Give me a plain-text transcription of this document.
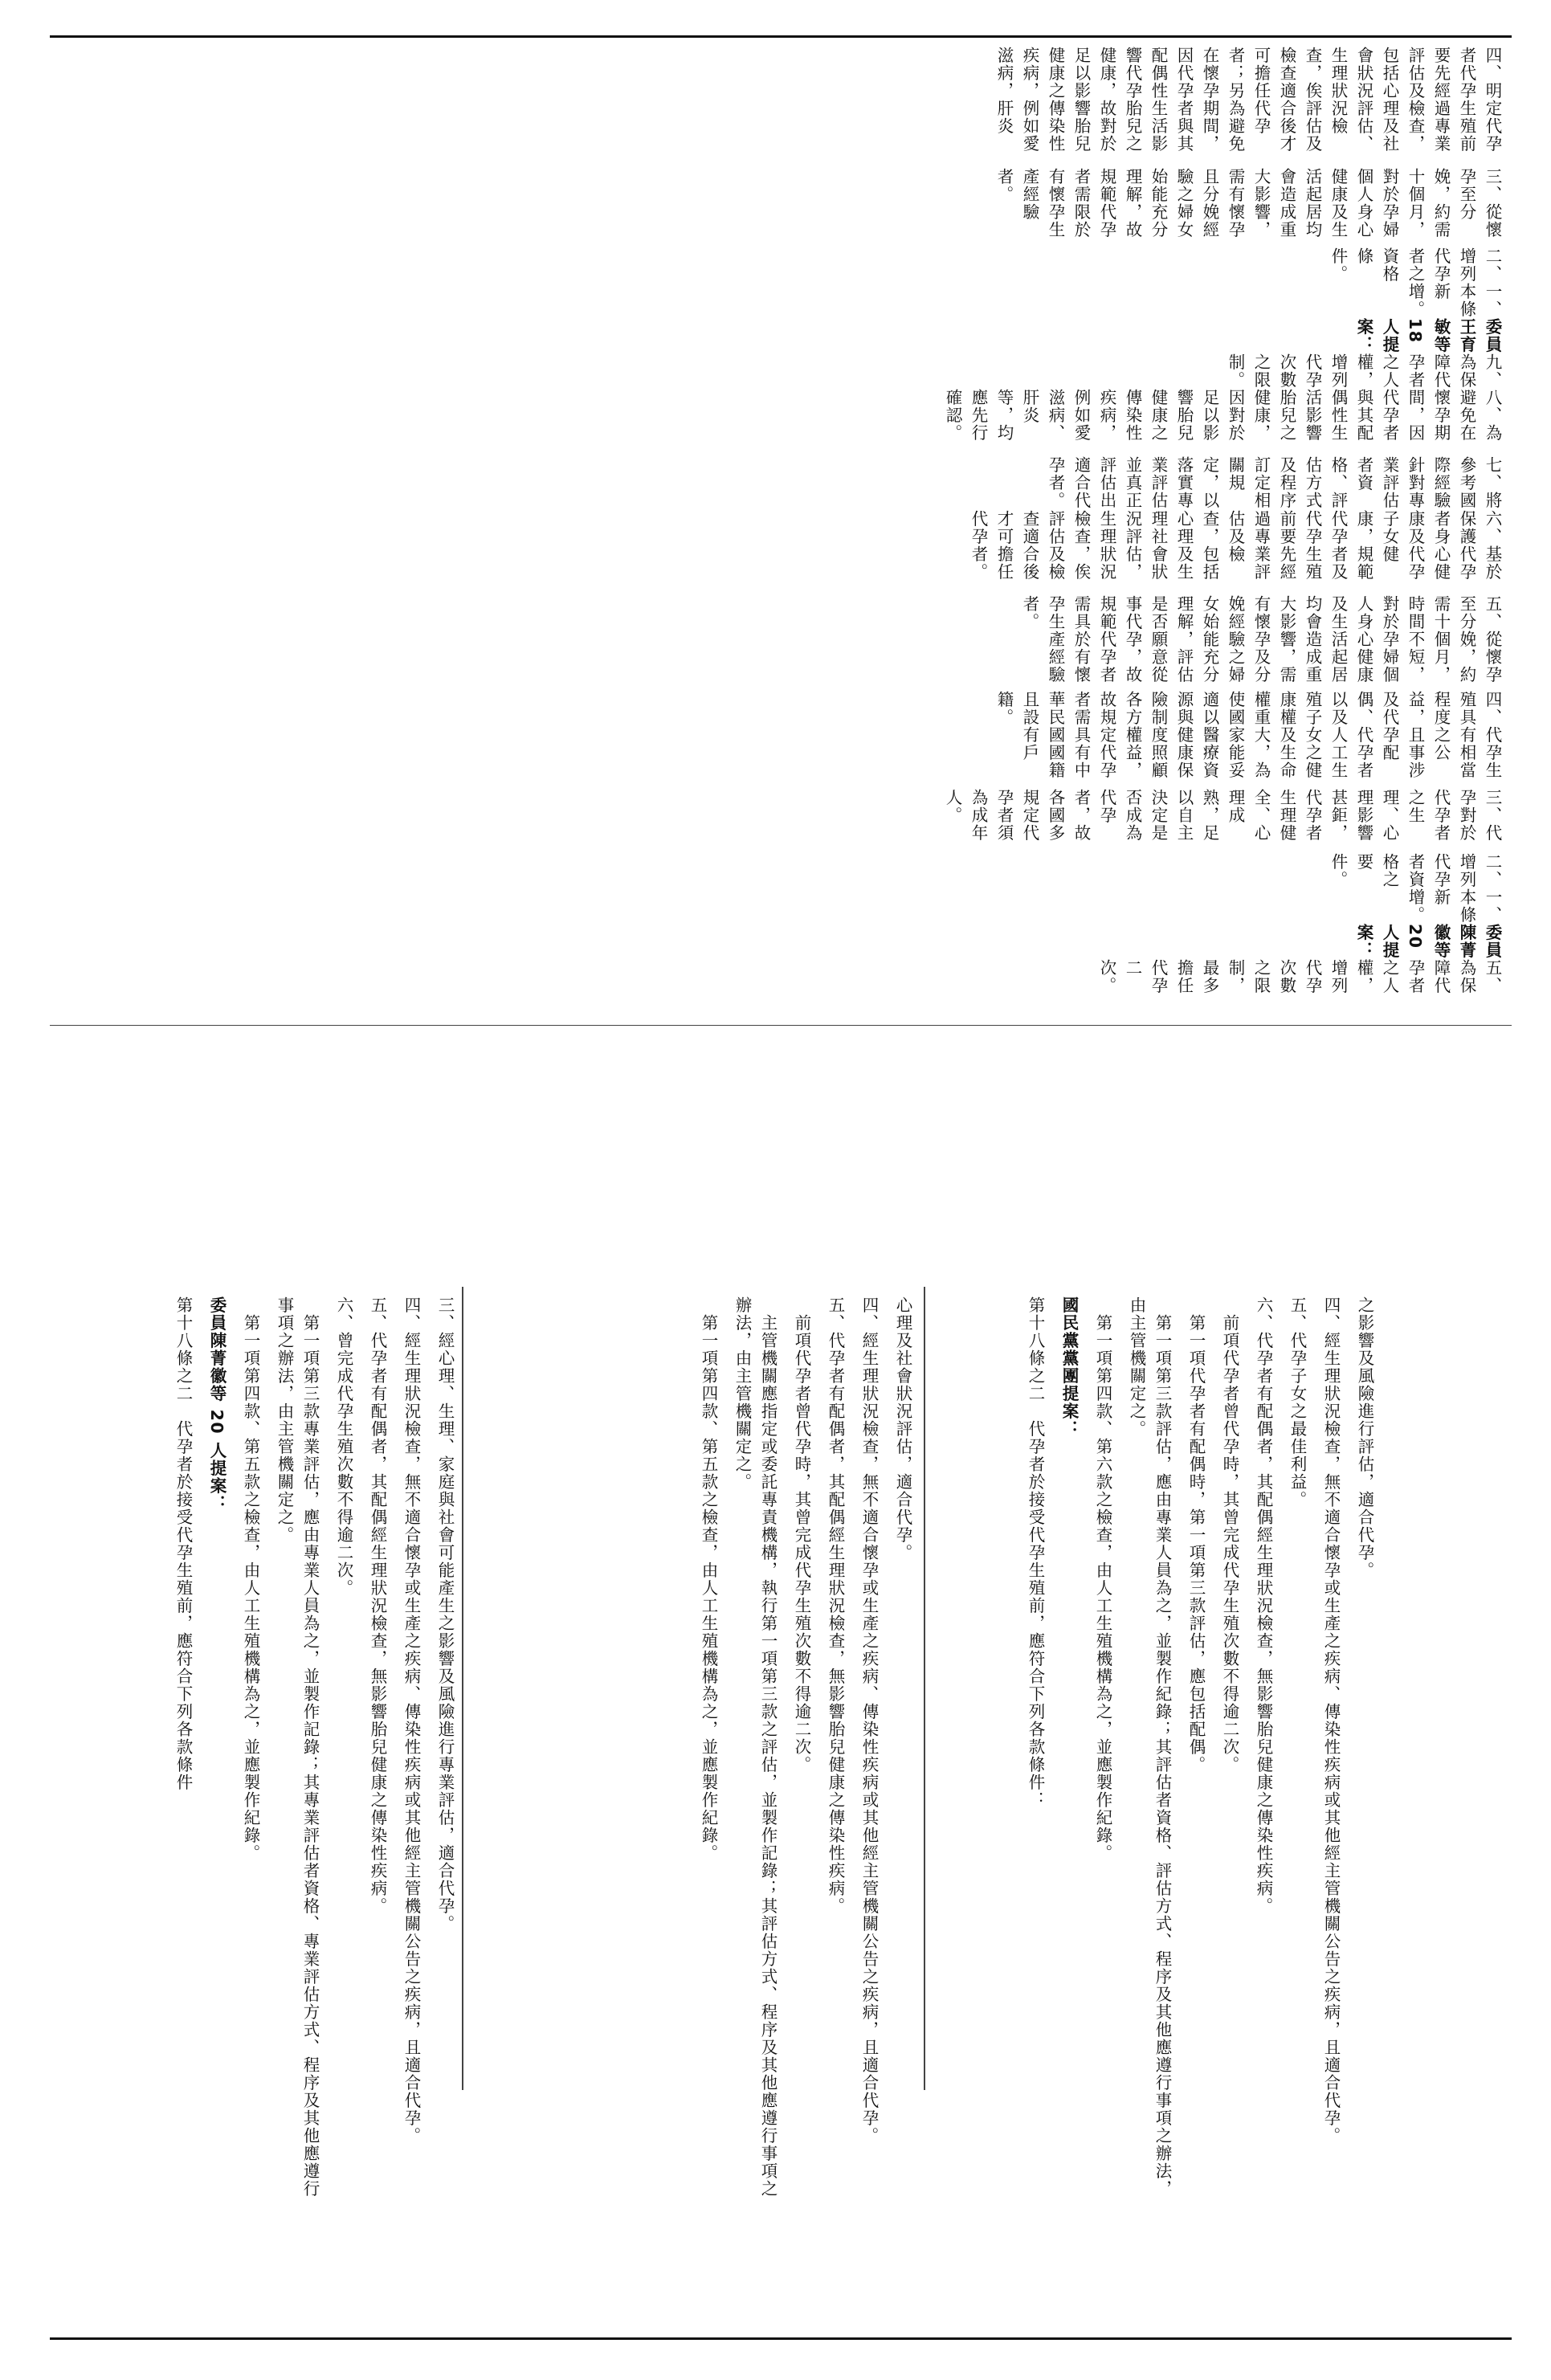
五、為保障代孕者之人權，增列代孕次數之限制，最多擔任代孕二次。

委員陳菁徽等 20 人提案：

一、本條新增。

二、增列代孕者資格之要件。

三、代孕對於代孕者之生理、心理影響甚鉅，代孕者生理健全、心理成熟，足以自主決定是否成為代孕者，故各國多規定代孕者須為成年人。

四、代孕生殖具有相當程度之公益，且事涉及代孕配偶、代孕者以及人工生殖子女之健康權及生命權重大，為使國家能妥適以醫療資源與健康保險制度照顧各方權益，故規定代孕者需具有中華民國國籍且設有戶籍。

五、從懷孕至分娩，約需十個月，時間不短，對於孕婦個人身心健康及生活起居均會造成重大影響，需有懷孕及分娩經驗之婦女始能充分理解，評估是否願意從事代孕，故規範代孕者需具於有懷孕生產經驗者。

六、基於保護代孕者身心健康及代孕子女健康，規範代孕者及代孕生殖前要先經過專業評估及檢查，包括心理及生理社會狀況評估，生理狀況檢查，俟評估及檢查適合後才可擔任代孕者。

七、將參考國際經驗針對專業評估者資格、評估方式及程序訂定相關規定，以落實專業評估並真正評估出適合代孕者。

八、為避免在懷孕期間，因代孕者與其配偶性生活影響胎兒之健康，因對於足以影響胎兒健康之傳染性疾病，例如愛滋病、肝炎等，均應先行確認。

九、為保障代孕者之人權，增列代孕次數之限制。

委員王育敏等 18 人提案：

一、本條新增。

二、增列代孕者之資格條件。

三、從懷孕至分娩，約需十個月，對於孕婦個人身心健康及生活起居均會造成重大影響，需有懷孕且分娩經驗之婦女始能充分理解，故規範代孕者需限於有懷孕生產經驗者。

四、明定代孕者代孕生殖前要先經過專業評估及檢查，包括心理及社會狀況評估、生理狀況檢查，俟評估及檢查適合後才可擔任代孕者；另為避免在懷孕期間，因代孕者與其配偶性生活影響代孕胎兒之健康，故對於足以影響胎兒健康之傳染性疾病，例如愛滋病，肝炎

三、經心理、生理、家庭與社會可能產生之影響及風險進行專業評估，適合代孕。

四、經生理狀況檢查，無不適合懷孕或生產之疾病、傳染性疾病或其他經主管機關公告之疾病，且適合代孕。

五、代孕者有配偶者，其配偶經生理狀況檢查，無影響胎兒健康之傳染性疾病。

六、曾完成代孕生殖次數不得逾二次。

　第一項第三款專業評估，應由專業人員為之，並製作記錄；其專業評估者資格、專業評估方式、程序及其他應遵行事項之辦法，由主管機關定之。

　第一項第四款、第五款之檢查，由人工生殖機構為之，並應製作紀錄。

委員陳菁徽等 20 人提案：

第十八條之二　代孕者於接受代孕生殖前，應符合下列各款條件	心理及社會狀況評估，適合代孕。

四、經生理狀況檢查，無不適合懷孕或生產之疾病、傳染性疾病或其他經主管機關公告之疾病，且適合代孕。

五、代孕者有配偶者，其配偶經生理狀況檢查，無影響胎兒健康之傳染性疾病。

　前項代孕者曾代孕時，其曾完成代孕生殖次數不得逾二次。

　主管機關應指定或委託專責機構，執行第一項第三款之評估，並製作記錄；其評估方式、程序及其他應遵行事項之辦法，由主管機關定之。

　第一項第四款、第五款之檢查，由人工生殖機構為之，並應製作紀錄。	之影響及風險進行評估，適合代孕。

四、經生理狀況檢查，無不適合懷孕或生產之疾病、傳染性疾病或其他經主管機關公告之疾病，且適合代孕。

五、代孕子女之最佳利益。

六、代孕者有配偶者，其配偶經生理狀況檢查，無影響胎兒健康之傳染性疾病。

　前項代孕者曾代孕時，其曾完成代孕生殖次數不得逾二次。

　第一項代孕者有配偶時，第一項第三款評估，應包括配偶。

　第一項第三款評估，應由專業人員為之，並製作紀錄；其評估者資格、評估方式、程序及其他應遵行事項之辦法，由主管機關定之。

　第一項第四款、第六款之檢查，由人工生殖機構為之，並應製作紀錄。

國民黨黨團提案：

第十八條之二　代孕者於接受代孕生殖前，應符合下列各款條件：
